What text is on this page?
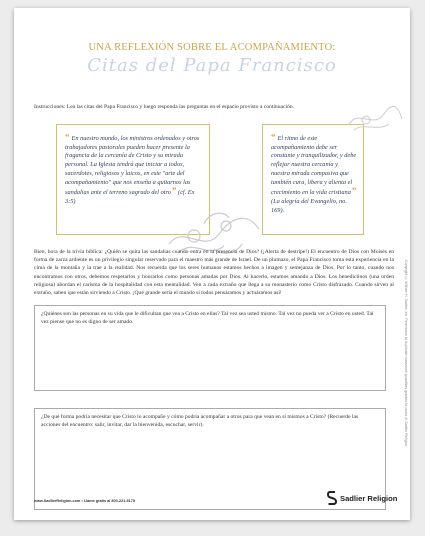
UNA REFLEXIÓN SOBRE EL ACOMPAÑAMIENTO:
Citas del Papa Francisco
Instrucciones: Lea las citas del Papa Francisco y luego responda las preguntas en el espacio provisto a continuación.
“ En nuestro mundo, los ministros ordenados y otros trabajadores pastorales pueden hacer presente la fragancia de la cercanía de Cristo y su mirada personal. La Iglesia tendrá que iniciar a todos, sacerdotes, religiosos y laicos, en este "arte del acompañamiento" que nos enseña a quitarnos las sandalias ante el terreno sagrado del otro” (cf. Ex 3:5)
“ El ritmo de este acompañamiento debe ser constante y tranquilizador, y debe reflejar nuestra cercanía y nuestra mirada compasiva que también cura, libera y alienta el crecimiento en la vida cristiana” (La alegría del Evangelio, no. 169).
Bien, hora de la trivia bíblica: ¿Quién se quita las sandalias cuando entra en la presencia de Dios? (¡Alerta de destripe!) El encuentro de Dios con Moisés en forma de zarza ardiente es un privilegio singular reservado para el maestro más grande de Israel. De un plumazo, el Papa Francisco toma esta experiencia en la cima de la montaña y la trae a la realidad. Nos recuerda que los seres humanos estamos hechos a imagen y semejanza de Dios. Por lo tanto, cuando nos encontramos con otros, debemos respetarlos y honrarlos como personas amadas por Dios. Al hacerlo, estamos amando a Dios. Los benedictinos (una orden religiosa) abordan el carisma de la hospitalidad con esta mentalidad. Ven a cada extraño que llega a su monasterio como Cristo disfrazado. Cuando sirven al extraño, saben que están sirviendo a Cristo. ¡Qué grande sería el mundo si todos pensáramos y actuáramos así!
¿Quiénes son las personas en su vida que le dificultan que vea a Cristo en ellas? Tal vez sea usted mismo. Tal vez no pueda ver a Cristo en usted. Tal vez piense que no es digno de ser amado.
¿De qué forma podría necesitar que Cristo lo acompañe y cómo podría acompañar a otros para que vean en sí mismos a Cristo? (Recuerde las acciones del encuentro: salir, invitar, dar la bienvenida, escuchar, servir).	Copyright © William H. Sadlier, Inc. Permission to duplicate classroom quantities granted to users of Sadlier Religion.
www.SadlierReligion.com • Llame gratis al 800-221-5175	Sadlier Religion
